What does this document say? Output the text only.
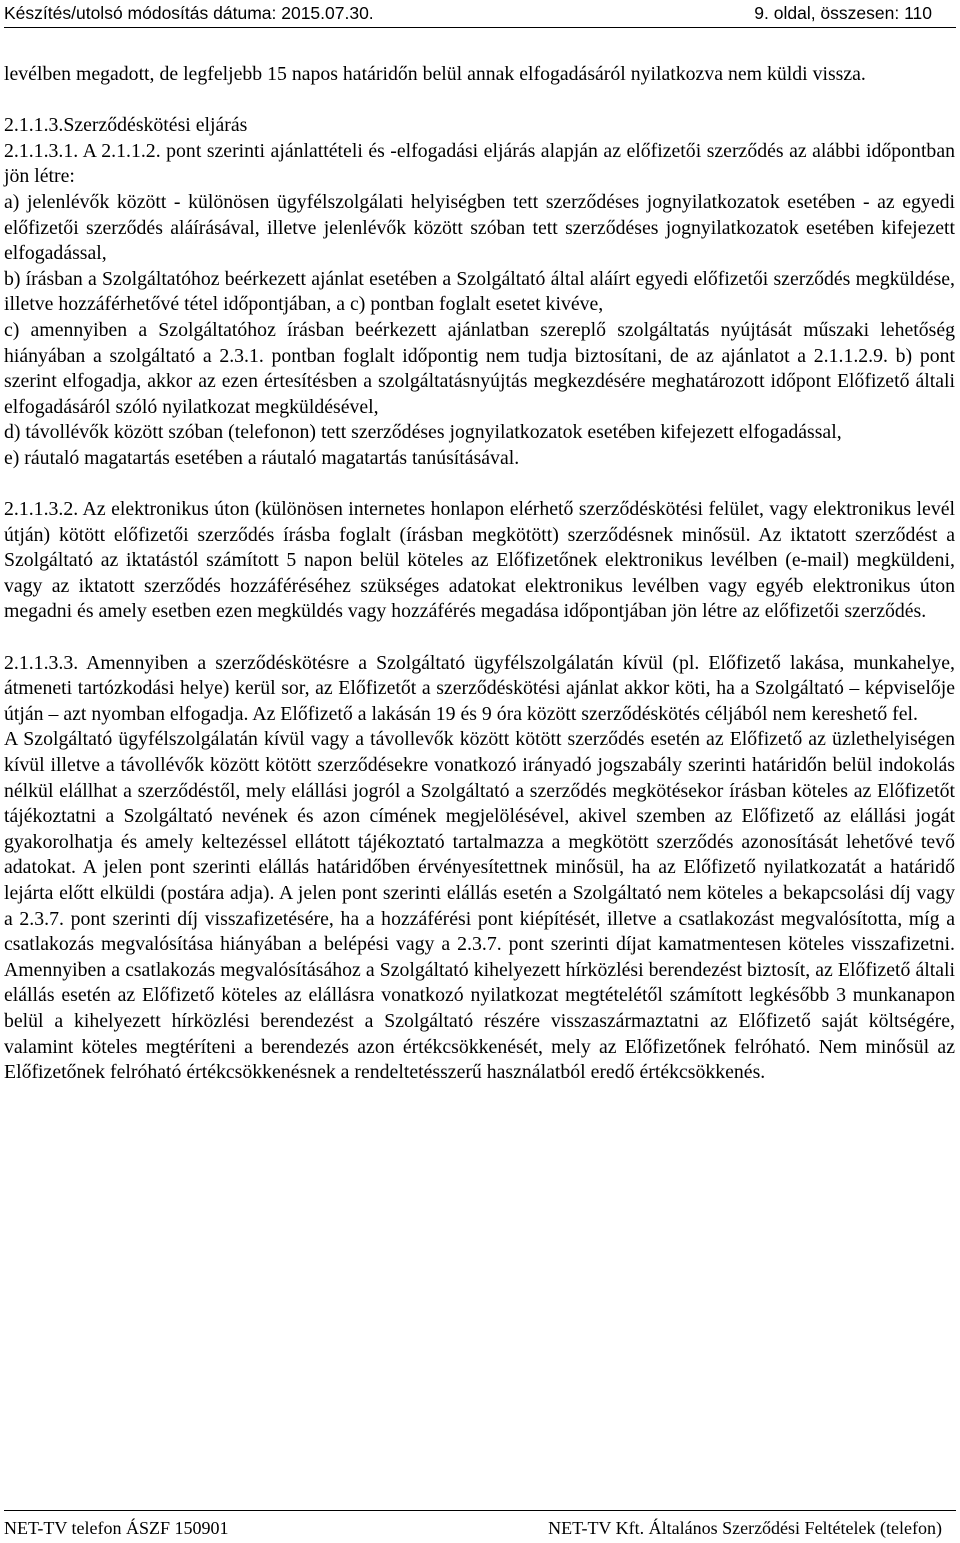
Készítés/utolsó módosítás dátuma: 2015.07.30.	9. oldal, összesen: 110

levélben megadott, de legfeljebb 15 napos határidőn belül annak elfogadásáról nyilatkozva nem küldi vissza.

2.1.1.3.Szerződéskötési eljárás

2.1.1.3.1. A 2.1.1.2. pont szerinti ajánlattételi és -elfogadási eljárás alapján az előfizetői szerződés az alábbi időpontban jön létre:

a) jelenlévők között - különösen ügyfélszolgálati helyiségben tett szerződéses jognyilatkozatok esetében - az egyedi előfizetői szerződés aláírásával, illetve jelenlévők között szóban tett szerződéses jognyilatkozatok esetében kifejezett elfogadással,

b) írásban a Szolgáltatóhoz beérkezett ajánlat esetében a Szolgáltató által aláírt egyedi előfizetői szerződés megküldése, illetve hozzáférhetővé tétel időpontjában, a c) pontban foglalt esetet kivéve,

c) amennyiben a Szolgáltatóhoz írásban beérkezett ajánlatban szereplő szolgáltatás nyújtását műszaki lehetőség hiányában a szolgáltató a 2.3.1. pontban foglalt időpontig nem tudja biztosítani, de az ajánlatot a 2.1.1.2.9. b) pont szerint elfogadja, akkor az ezen értesítésben a szolgáltatásnyújtás megkezdésére meghatározott időpont Előfizető általi elfogadásáról szóló nyilatkozat megküldésével,

d) távollévők között szóban (telefonon) tett szerződéses jognyilatkozatok esetében kifejezett elfogadással,

e) ráutaló magatartás esetében a ráutaló magatartás tanúsításával.

2.1.1.3.2. Az elektronikus úton (különösen internetes honlapon elérhető szerződéskötési felület, vagy elektronikus levél útján) kötött előfizetői szerződés írásba foglalt (írásban megkötött) szerződésnek minősül. Az iktatott szerződést a Szolgáltató az iktatástól számított 5 napon belül köteles az Előfizetőnek elektronikus levélben (e-mail) megküldeni, vagy az iktatott szerződés hozzáféréséhez szükséges adatokat elektronikus levélben vagy egyéb elektronikus úton megadni és amely esetben ezen megküldés vagy hozzáférés megadása időpontjában jön létre az előfizetői szerződés.

2.1.1.3.3. Amennyiben a szerződéskötésre a Szolgáltató ügyfélszolgálatán kívül (pl. Előfizető lakása, munkahelye, átmeneti tartózkodási helye) kerül sor, az Előfizetőt a szerződéskötési ajánlat akkor köti, ha a Szolgáltató – képviselője útján – azt nyomban elfogadja. Az Előfizető a lakásán 19 és 9 óra között szerződéskötés céljából nem kereshető fel.

A Szolgáltató ügyfélszolgálatán kívül vagy a távollevők között kötött szerződés esetén az Előfizető az üzlethelyiségen kívül illetve a távollévők között kötött szerződésekre vonatkozó irányadó jogszabály szerinti határidőn belül indokolás nélkül elállhat a szerződéstől, mely elállási jogról a Szolgáltató a szerződés megkötésekor írásban köteles az Előfizetőt tájékoztatni a Szolgáltató nevének és azon címének megjelölésével, akivel szemben az Előfizető az elállási jogát gyakorolhatja és amely keltezéssel ellátott tájékoztató tartalmazza a megkötött szerződés azonosítását lehetővé tevő adatokat. A jelen pont szerinti elállás határidőben érvényesítettnek minősül, ha az Előfizető nyilatkozatát a határidő lejárta előtt elküldi (postára adja). A jelen pont szerinti elállás esetén a Szolgáltató nem köteles a bekapcsolási díj vagy a 2.3.7. pont szerinti díj visszafizetésére, ha a hozzáférési pont kiépítését, illetve a csatlakozást megvalósította, míg a csatlakozás megvalósítása hiányában a belépési vagy a 2.3.7. pont szerinti díjat kamatmentesen köteles visszafizetni. Amennyiben a csatlakozás megvalósításához a Szolgáltató kihelyezett hírközlési berendezést biztosít, az Előfizető általi elállás esetén az Előfizető köteles az elállásra vonatkozó nyilatkozat megtételétől számított legkésőbb 3 munkanapon belül a kihelyezett hírközlési berendezést a Szolgáltató részére visszaszármaztatni az Előfizető saját költségére, valamint köteles megtéríteni a berendezés azon értékcsökkenését, mely az Előfizetőnek felróható. Nem minősül az Előfizetőnek felróható értékcsökkenésnek a rendeltetésszerű használatból eredő értékcsökkenés.

NET-TV telefon ÁSZF 150901	NET-TV Kft. Általános Szerződési Feltételek (telefon)
